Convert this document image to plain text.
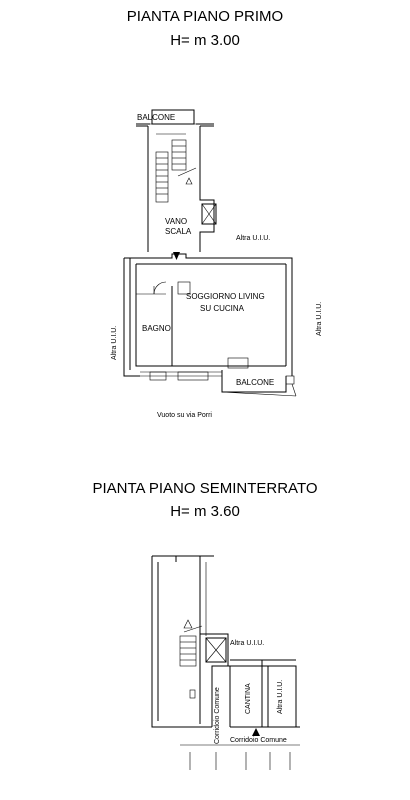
PIANTA PIANO PRIMO
H= m 3.00
PIANTA PIANO SEMINTERRATO
H= m 3.60
BALCONE
VANO
SCALA
Altra U.I.U.
SOGGIORNO LIVING
SU CUCINA
BAGNO
BALCONE
Vuoto su via Porri
Altra U.I.U.
Altra U.I.U.
Altra U.I.U.
Corridoio Comune	CANTINA	Altra U.I.U.
Corridoio Comune
